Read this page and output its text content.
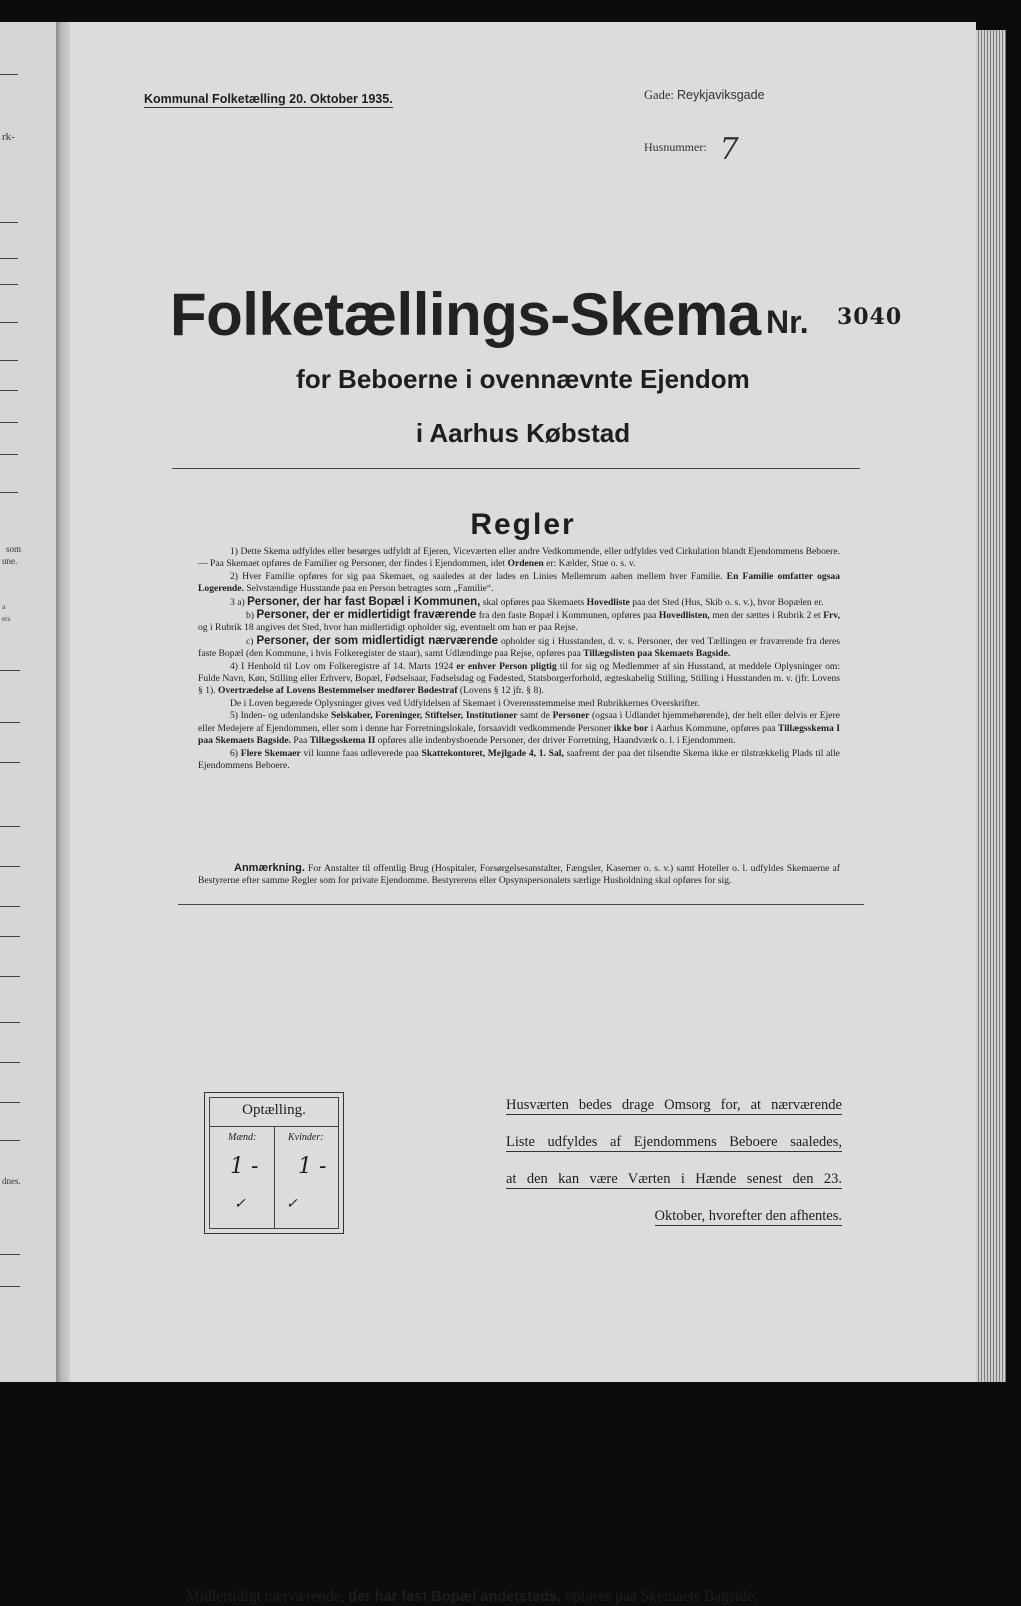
rk-
som
une.
a
ers
dnes.
Kommunal Folketælling 20. Oktober 1935.	Gade: Reykjaviksgade
Husnummer: 7
Folketællings-Skema Nr. 3040
for Beboerne i ovennævnte Ejendom
i Aarhus Købstad
Regler

1) Dette Skema udfyldes eller besørges udfyldt af Ejeren, Viceværten eller andre Vedkommende, eller udfyldes ved Cirkulation blandt Ejendommens Beboere. — Paa Skemaet opføres de Familier og Personer, der findes i Ejendommen, idet Ordenen er: Kælder, Stue o. s. v.

2) Hver Familie opføres for sig paa Skemaet, og saaledes at der lades en Linies Mellemrum aaben mellem hver Familie. En Familie omfatter ogsaa Logerende. Selvstændige Husstande paa en Person betragtes som „Familie“.

3 a) Personer, der har fast Bopæl i Kommunen, skal opføres paa Skemaets Hovedliste paa det Sted (Hus, Skib o. s. v.), hvor Bopælen er.

b) Personer, der er midlertidigt fraværende fra den faste Bopæl i Kommunen, opføres paa Hovedlisten, men der sættes i Rubrik 2 et Frv, og i Rubrik 18 angives det Sted, hvor han midlertidigt opholder sig, eventuelt om han er paa Rejse.

c) Personer, der som midlertidigt nærværende opholder sig i Husstanden, d. v. s. Personer, der ved Tællingen er fraværende fra deres faste Bopæl (den Kommune, i hvis Folkeregister de staar), samt Udlændinge paa Rejse, opføres paa Tillægslisten paa Skemaets Bagside.

4) I Henhold til Lov om Folkeregistre af 14. Marts 1924 er enhver Person pligtig til for sig og Medlemmer af sin Husstand, at meddele Oplysninger om: Fulde Navn, Køn, Stilling eller Erhverv, Bopæl, Fødselsaar, Fødselsdag og Fødested, Statsborgerforhold, ægteskabelig Stilling, Stilling i Husstanden m. v. (jfr. Lovens § 1). Overtrædelse af Lovens Bestemmelser medfører Bødestraf (Lovens § 12 jfr. § 8).

De i Loven begærede Oplysninger gives ved Udfyldelsen af Skemaet i Overensstemmelse med Rubrikkernes Overskrifter.

5) Inden- og udenlandske Selskaber, Foreninger, Stiftelser, Institutioner samt de Personer (ogsaa i Udlandet hjemmehørende), der helt eller delvis er Ejere eller Medejere af Ejendommen, eller som i denne har Forretningslokale, forsaavidt vedkommende Personer ikke bor i Aarhus Kommune, opføres paa Tillægsskema I paa Skemaets Bagside. Paa Tillægsskema II opføres alle indenbysboende Personer, der driver Forretning, Haandværk o. l. i Ejendommen.

6) Flere Skemaer vil kunne faas udleverede paa Skattekontoret, Mejlgade 4, 1. Sal, saafremt der paa det tilsendte Skema ikke er tilstrækkelig Plads til alle Ejendommens Beboere.

Anmærkning. For Anstalter til offentlig Brug (Hospitaler, Forsørgelsesanstalter, Fængsler, Kaserner o. s. v.) samt Hoteller o. l. udfyldes Skemaerne af Bestyrerne efter samme Regler som for private Ejendomme. Bestyrerens eller Opsynspersonalets særlige Husholdning skal opføres for sig.
Optælling.
Mænd:	Kvinder:
1 - 1 -
✓	✓
Husværten bedes drage Omsorg for, at nærværende
Liste udfyldes af Ejendommens Beboere saaledes,
at den kan være Værten i Hænde senest den 23.
Oktober, hvorefter den afhentes.
Midlertidigt nærværende, der har fast Bopæl andetsteds, opføres paa Skemaets Bagside.
